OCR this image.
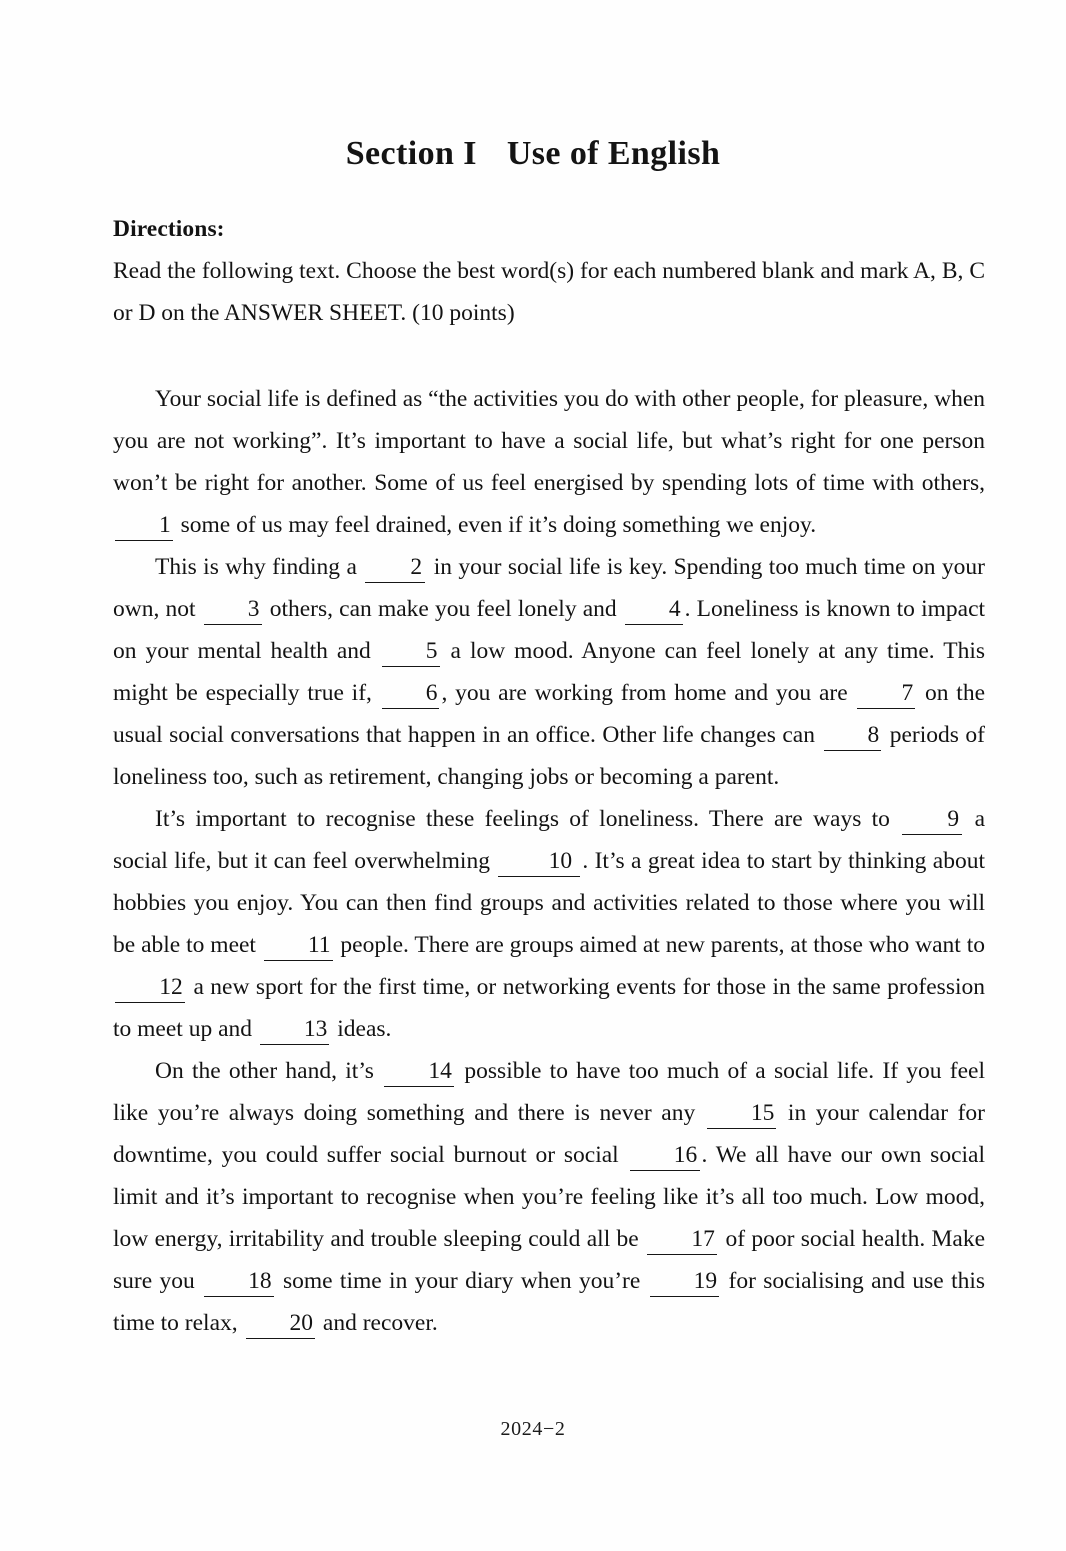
Section I Use of English

Directions:

Read the following text. Choose the best word(s) for each numbered blank and mark A, B, C or D on the ANSWER SHEET. (10 points)

Your social life is defined as “the activities you do with other people, for pleasure, when you are not working”. It’s important to have a social life, but what’s right for one person won’t be right for another. Some of us feel energised by spending lots of time with others, 1 some of us may feel drained, even if it’s doing something we enjoy.

This is why finding a 2 in your social life is key. Spending too much time on your own, not 3 others, can make you feel lonely and 4 . Loneliness is known to impact on your mental health and 5 a low mood. Anyone can feel lonely at any time. This might be especially true if, 6 , you are working from home and you are 7 on the usual social conversations that happen in an office. Other life changes can 8 periods of loneliness too, such as retirement, changing jobs or becoming a parent.

It’s important to recognise these feelings of loneliness. There are ways to 9 a social life, but it can feel overwhelming 10 . It’s a great idea to start by thinking about hobbies you enjoy. You can then find groups and activities related to those where you will be able to meet 11 people. There are groups aimed at new parents, at those who want to 12 a new sport for the first time, or networking events for those in the same profession to meet up and 13 ideas.

On the other hand, it’s 14 possible to have too much of a social life. If you feel like you’re always doing something and there is never any 15 in your calendar for downtime, you could suffer social burnout or social 16 . We all have our own social limit and it’s important to recognise when you’re feeling like it’s all too much. Low mood, low energy, irritability and trouble sleeping could all be 17 of poor social health. Make sure you 18 some time in your diary when you’re 19 for socialising and use this time to relax, 20 and recover.

2024−2
